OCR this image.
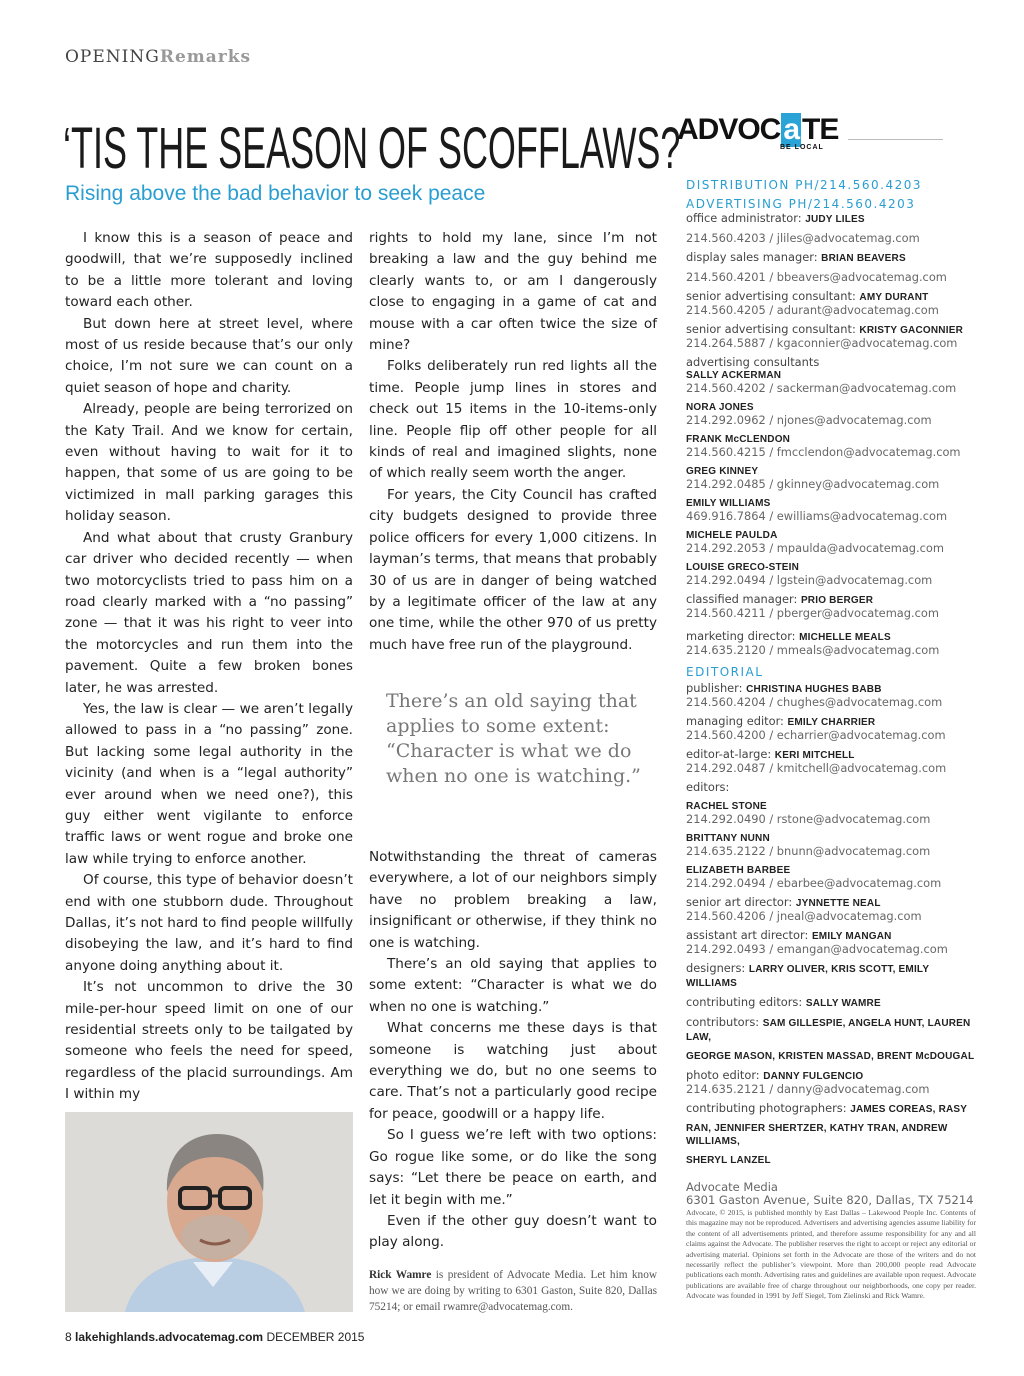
OPENINGRemarks
‘TIS THE SEASON OF SCOFFLAWS?
Rising above the bad behavior to seek peace

I know this is a season of peace and goodwill, that we’re supposedly inclined to be a little more tolerant and loving toward each other.

But down here at street level, where most of us reside because that’s our only choice, I’m not sure we can count on a quiet season of hope and charity.

Already, people are being terrorized on the Katy Trail. And we know for certain, even without having to wait for it to happen, that some of us are going to be victimized in mall parking garages this holiday season.

And what about that crusty Granbury car driver who decided recently — when two motorcyclists tried to pass him on a road clearly marked with a “no passing” zone — that it was his right to veer into the motorcycles and run them into the pavement. Quite a few broken bones later, he was arrested.

Yes, the law is clear — we aren’t legally allowed to pass in a “no passing” zone. But lacking some legal authority in the vicinity (and when is a “legal authority” ever around when we need one?), this guy either went vigilante to enforce traffic laws or went rogue and broke one law while trying to enforce another.

Of course, this type of behavior doesn’t end with one stubborn dude. Throughout Dallas, it’s not hard to find people willfully disobeying the law, and it’s hard to find anyone doing anything about it.

It’s not uncommon to drive the 30 mile-per-hour speed limit on one of our residential streets only to be tailgated by someone who feels the need for speed, regardless of the placid surroundings. Am I within my

rights to hold my lane, since I’m not breaking a law and the guy behind me clearly wants to, or am I dangerously close to engaging in a game of cat and mouse with a car often twice the size of mine?

Folks deliberately run red lights all the time. People jump lines in stores and check out 15 items in the 10-items-only line. People flip off other people for all kinds of real and imagined slights, none of which really seem worth the anger.

For years, the City Council has crafted city budgets designed to provide three police officers for every 1,000 citizens. In layman’s terms, that means that probably 30 of us are in danger of being watched by a legitimate officer of the law at any one time, while the other 970 of us pretty much have free run of the playground.

There’s an old saying that applies to some extent: “Character is what we do when no one is watching.”

Notwithstanding the threat of cameras everywhere, a lot of our neighbors simply have no problem breaking a law, insignificant or otherwise, if they think no one is watching.

There’s an old saying that applies to some extent: “Character is what we do when no one is watching.”

What concerns me these days is that someone is watching just about everything we do, but no one seems to care. That’s not a particularly good recipe for peace, goodwill or a happy life.

So I guess we’re left with two options: Go rogue like some, or do like the song says: “Let there be peace on earth, and let it begin with me.”

Even if the other guy doesn’t want to play along.

Rick Wamre is president of Advocate Media. Let him know how we are doing by writing to 6301 Gaston, Suite 820, Dallas 75214; or email rwamre@advocatemag.com.
8 lakehighlands.advocatemag.com DECEMBER 2015
ADVOC a TE
BE LOCAL
DISTRIBUTION PH/214.560.4203
ADVERTISING PH/214.560.4203
office administrator: JUDY LILES
214.560.4203 / jliles@advocatemag.com
display sales manager: BRIAN BEAVERS
214.560.4201 / bbeavers@advocatemag.com
senior advertising consultant: AMY DURANT
214.560.4205 / adurant@advocatemag.com
senior advertising consultant: KRISTY GACONNIER
214.264.5887 / kgaconnier@advocatemag.com
advertising consultants
SALLY ACKERMAN
214.560.4202 / sackerman@advocatemag.com
NORA JONES
214.292.0962 / njones@advocatemag.com
FRANK McCLENDON
214.560.4215 / fmcclendon@advocatemag.com
GREG KINNEY
214.292.0485 / gkinney@advocatemag.com
EMILY WILLIAMS
469.916.7864 / ewilliams@advocatemag.com
MICHELE PAULDA
214.292.2053 / mpaulda@advocatemag.com
LOUISE GRECO-STEIN
214.292.0494 / lgstein@advocatemag.com
classified manager: PRIO BERGER
214.560.4211 / pberger@advocatemag.com
marketing director: MICHELLE MEALS
214.635.2120 / mmeals@advocatemag.com
EDITORIAL
publisher: CHRISTINA HUGHES BABB
214.560.4204 / chughes@advocatemag.com
managing editor: EMILY CHARRIER
214.560.4200 / echarrier@advocatemag.com
editor-at-large: KERI MITCHELL
214.292.0487 / kmitchell@advocatemag.com
editors:
RACHEL STONE
214.292.0490 / rstone@advocatemag.com
BRITTANY NUNN
214.635.2122 / bnunn@advocatemag.com
ELIZABETH BARBEE
214.292.0494 / ebarbee@advocatemag.com
senior art director: JYNNETTE NEAL
214.560.4206 / jneal@advocatemag.com
assistant art director: EMILY MANGAN
214.292.0493 / emangan@advocatemag.com
designers: LARRY OLIVER, KRIS SCOTT, EMILY WILLIAMS
contributing editors: SALLY WAMRE
contributors: SAM GILLESPIE, ANGELA HUNT, LAUREN LAW,
GEORGE MASON, KRISTEN MASSAD, BRENT McDOUGAL
photo editor: DANNY FULGENCIO
214.635.2121 / danny@advocatemag.com
contributing photographers: JAMES COREAS, RASY
RAN, JENNIFER SHERTZER, KATHY TRAN, ANDREW WILLIAMS,
SHERYL LANZEL
Advocate Media
6301 Gaston Avenue, Suite 820, Dallas, TX 75214
Advocate, © 2015, is published monthly by East Dallas – Lakewood People Inc. Contents of this magazine may not be reproduced. Advertisers and advertising agencies assume liability for the content of all advertisements printed, and therefore assume responsibility for any and all claims against the Advocate. The publisher reserves the right to accept or reject any editorial or advertising material. Opinions set forth in the Advocate are those of the writers and do not necessarily reflect the publisher’s viewpoint. More than 200,000 people read Advocate publications each month. Advertising rates and guidelines are available upon request. Advocate publications are available free of charge throughout our neighborhoods, one copy per reader. Advocate was founded in 1991 by Jeff Siegel, Tom Zielinski and Rick Wamre.
